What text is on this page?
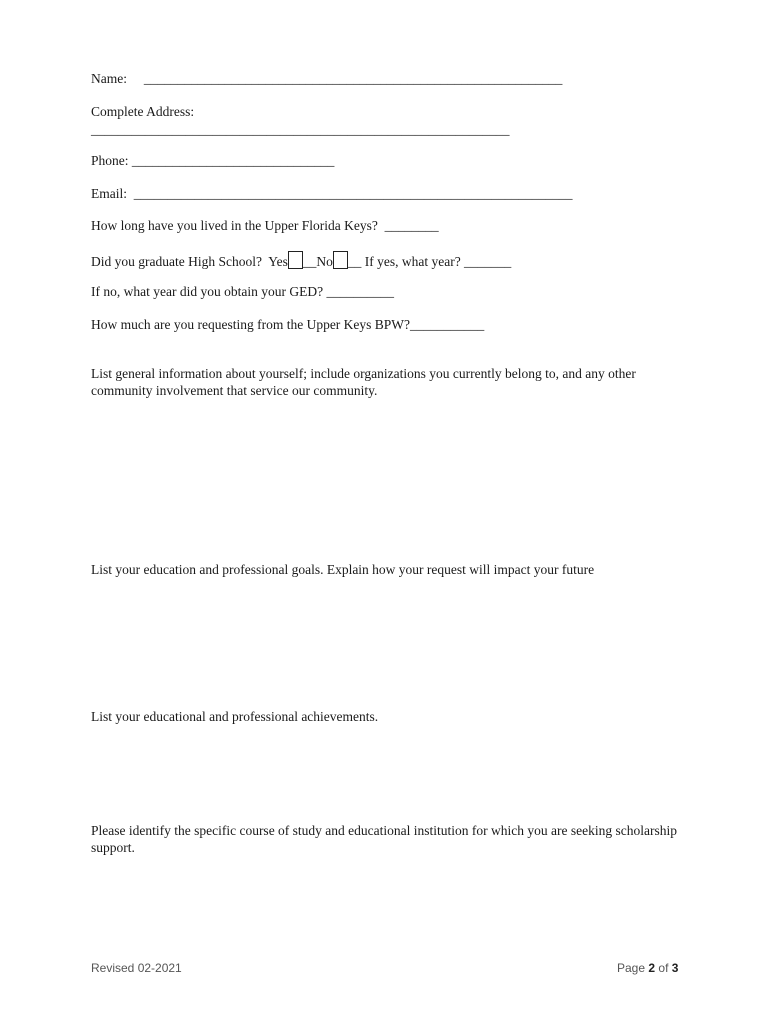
Name:     ______________________________________________________________
Complete Address:
______________________________________________________________
Phone: ______________________________
Email:  _________________________________________________________________
How long have you lived in the Upper Florida Keys?  ________
Did you graduate High School?  Yes __No __ If yes, what year? _______
If no, what year did you obtain your GED? __________
How much are you requesting from the Upper Keys BPW?___________
List general information about yourself; include organizations you currently belong to, and any other community involvement that service our community.
List your education and professional goals. Explain how your request will impact your future
List your educational and professional achievements.
Please identify the specific course of study and educational institution for which you are seeking scholarship support.
Revised 02-2021	Page 2 of 3
